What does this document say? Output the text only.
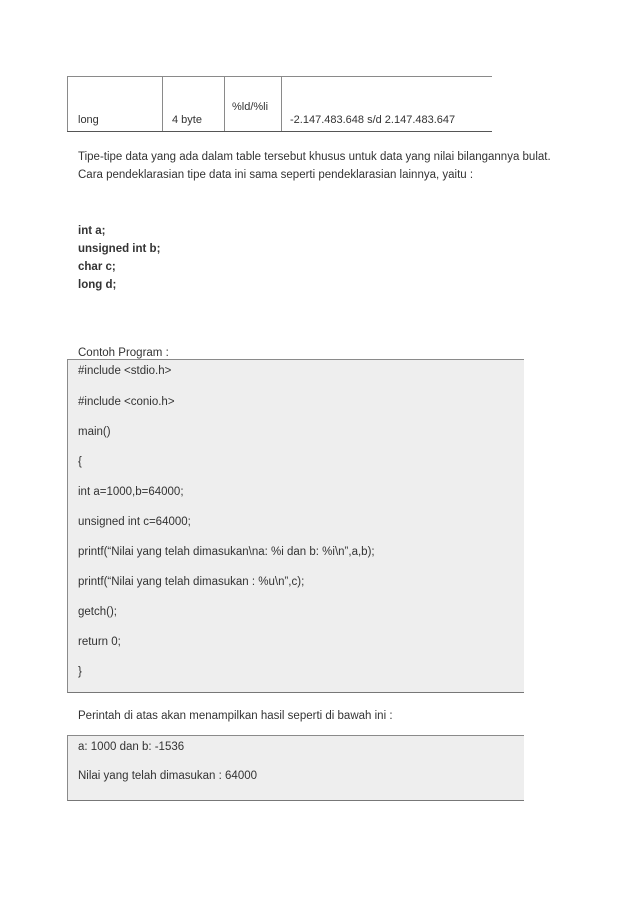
long	4 byte
%ld/%li
-2.147.483.648 s/d 2.147.483.647
Tipe-tipe data yang ada dalam table tersebut khusus untuk data yang nilai bilangannya bulat.
Cara pendeklarasian tipe data ini sama seperti pendeklarasian lainnya, yaitu :
int a;
unsigned int b;
char c;
long d;
Contoh Program :
#include <stdio.h>
#include <conio.h>
main()
{
int a=1000,b=64000;
unsigned int c=64000;
printf(“Nilai yang telah dimasukan\na: %i dan b: %i\n”,a,b);
printf(“Nilai yang telah dimasukan : %u\n”,c);
getch();
return 0;
}
Perintah di atas akan menampilkan hasil seperti di bawah ini :
a: 1000 dan b: -1536
Nilai yang telah dimasukan : 64000
